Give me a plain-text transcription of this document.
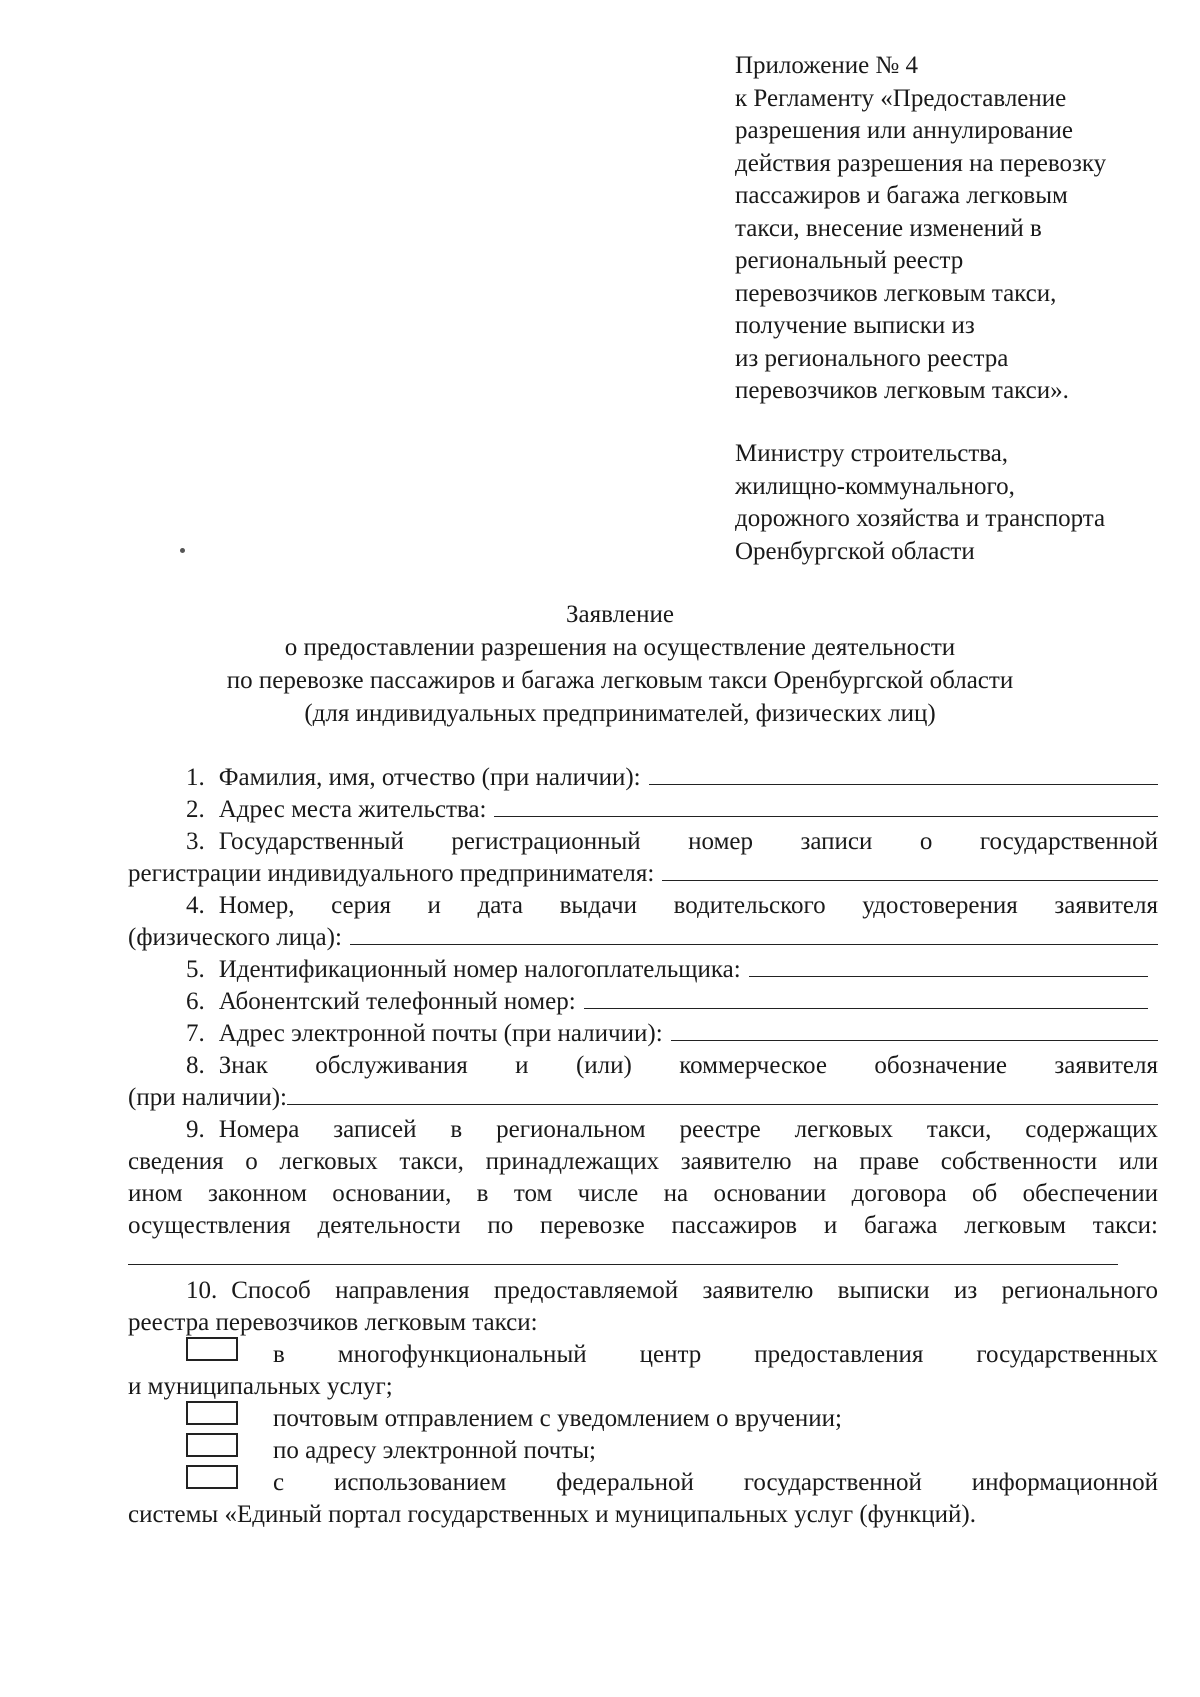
Приложение № 4
к Регламенту «Предоставление
разрешения или аннулирование
действия разрешения на перевозку
пассажиров и багажа легковым
такси, внесение изменений в
региональный реестр
перевозчиков легковым такси,
получение выписки из
из регионального реестра
перевозчиков легковым такси».
Министру строительства,
жилищно-коммунального,
дорожного хозяйства и транспорта
Оренбургской области
Заявление
о предоставлении разрешения на осуществление деятельности
по перевозке пассажиров и багажа легковым такси Оренбургской области
(для индивидуальных предпринимателей, физических лиц)
1. Фамилия, имя, отчество (при наличии):
2. Адрес места жительства:
3. Государственный регистрационный номер записи о государственной
регистрации индивидуального предпринимателя:
4. Номер, серия и дата выдачи водительского удостоверения заявителя
(физического лица):
5. Идентификационный номер налогоплательщика:
6. Абонентский телефонный номер:
7. Адрес электронной почты (при наличии):
8. Знак обслуживания и (или) коммерческое обозначение заявителя
(при наличии):
9. Номера записей в региональном реестре легковых такси, содержащих
сведения о легковых такси, принадлежащих заявителю на праве собственности или
ином законном основании, в том числе на основании договора об обеспечении
осуществления деятельности по перевозке пассажиров и багажа легковым такси:
10. Способ направления предоставляемой заявителю выписки из регионального
реестра перевозчиков легковым такси:
в многофункциональный центр предоставления государственных
и муниципальных услуг;
почтовым отправлением с уведомлением о вручении;
по адресу электронной почты;
с использованием федеральной государственной информационной
системы «Единый портал государственных и муниципальных услуг (функций).
